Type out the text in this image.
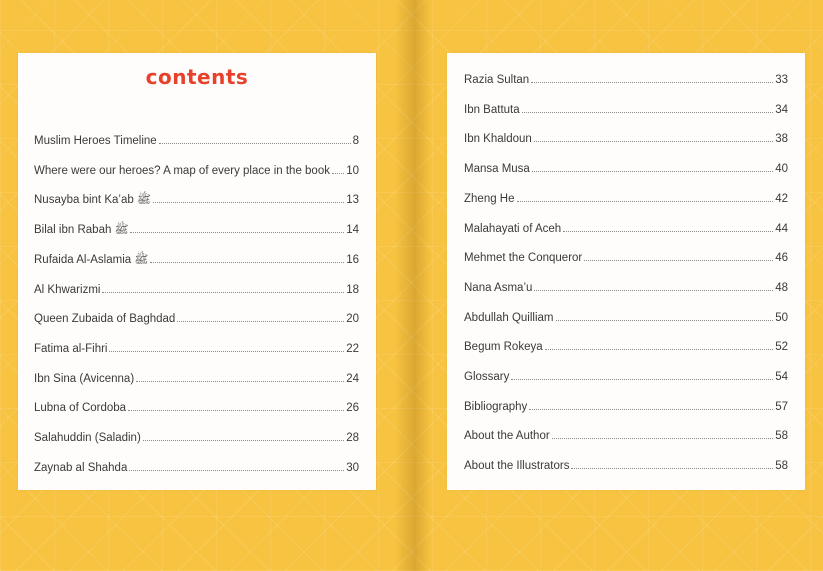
contents
Muslim Heroes Timeline	8
Where were our heroes? A map of every place in the book 10
Nusayba bint Ka’ab ﷺ	13
Bilal ibn Rabah ﷺ	14
Rufaida Al-Aslamia ﷺ	16
Al Khwarizmi	18
Queen Zubaida of Baghdad	20
Fatima al-Fihri	22
Ibn Sina (Avicenna)	24
Lubna of Cordoba	26
Salahuddin (Saladin)	28
Zaynab al Shahda	30
Razia Sultan	33
Ibn Battuta	34
Ibn Khaldoun	38
Mansa Musa	40
Zheng He	42
Malahayati of Aceh	44
Mehmet the Conqueror	46
Nana Asma’u	48
Abdullah Quilliam	50
Begum Rokeya	52
Glossary	54
Bibliography	57
About the Author	58
About the Illustrators	58
